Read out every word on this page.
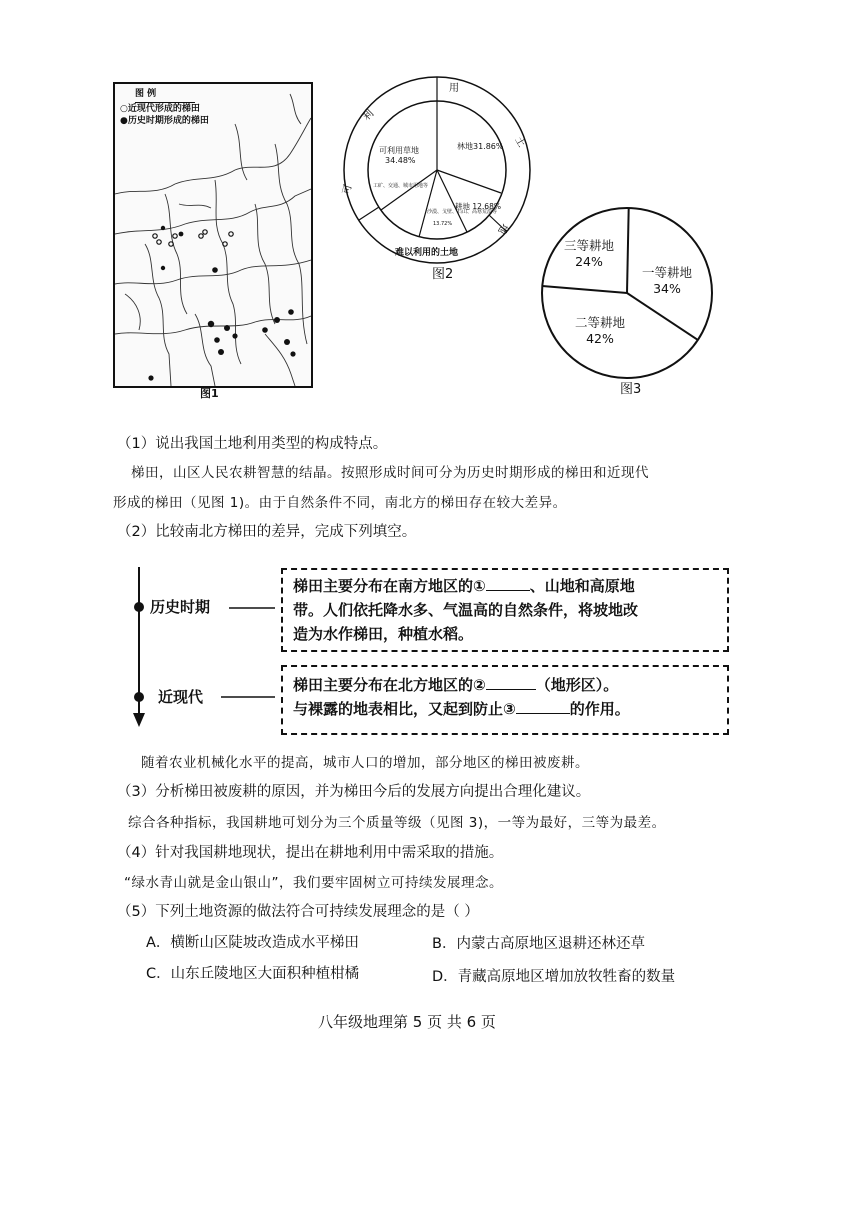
图 例
○近现代形成的梯田
●历史时期形成的梯田
图1
林地31.86%
耕地 12.68%
可利用草地
34.48%
工矿、交通、城市用地等
沙漠、戈壁、石山、高寒荒漠等
13.72%
可
利
用
土
地
难以利用的土地
图2	一等耕地
34%
二等耕地
42%
三等耕地
24%
图3
（1）说出我国土地利用类型的构成特点。
梯田，山区人民农耕智慧的结晶。按照形成时间可分为历史时期形成的梯田和近现代
形成的梯田（见图 1)。由于自然条件不同，南北方的梯田存在较大差异。
（2）比较南北方梯田的差异，完成下列填空。
历史时期
近现代
梯田主要分布在南方地区的①	、山地和高原地
带。人们依托降水多、气温高的自然条件，将坡地改
造为水作梯田，种植水稻。
梯田主要分布在北方地区的②	（地形区）。
与裸露的地表相比，又起到防止③	的作用。
随着农业机械化水平的提高，城市人口的增加，部分地区的梯田被废耕。
（3）分析梯田被废耕的原因，并为梯田今后的发展方向提出合理化建议。
综合各种指标，我国耕地可划分为三个质量等级（见图 3)，一等为最好，三等为最差。
（4）针对我国耕地现状，提出在耕地利用中需采取的措施。
“绿水青山就是金山银山”，我们要牢固树立可持续发展理念。
（5）下列土地资源的做法符合可持续发展理念的是（ ）
A．横断山区陡坡改造成水平梯田	B．内蒙古高原地区退耕还林还草
C．山东丘陵地区大面积种植柑橘	D．青藏高原地区增加放牧牲畜的数量
八年级地理第 5 页 共 6 页
